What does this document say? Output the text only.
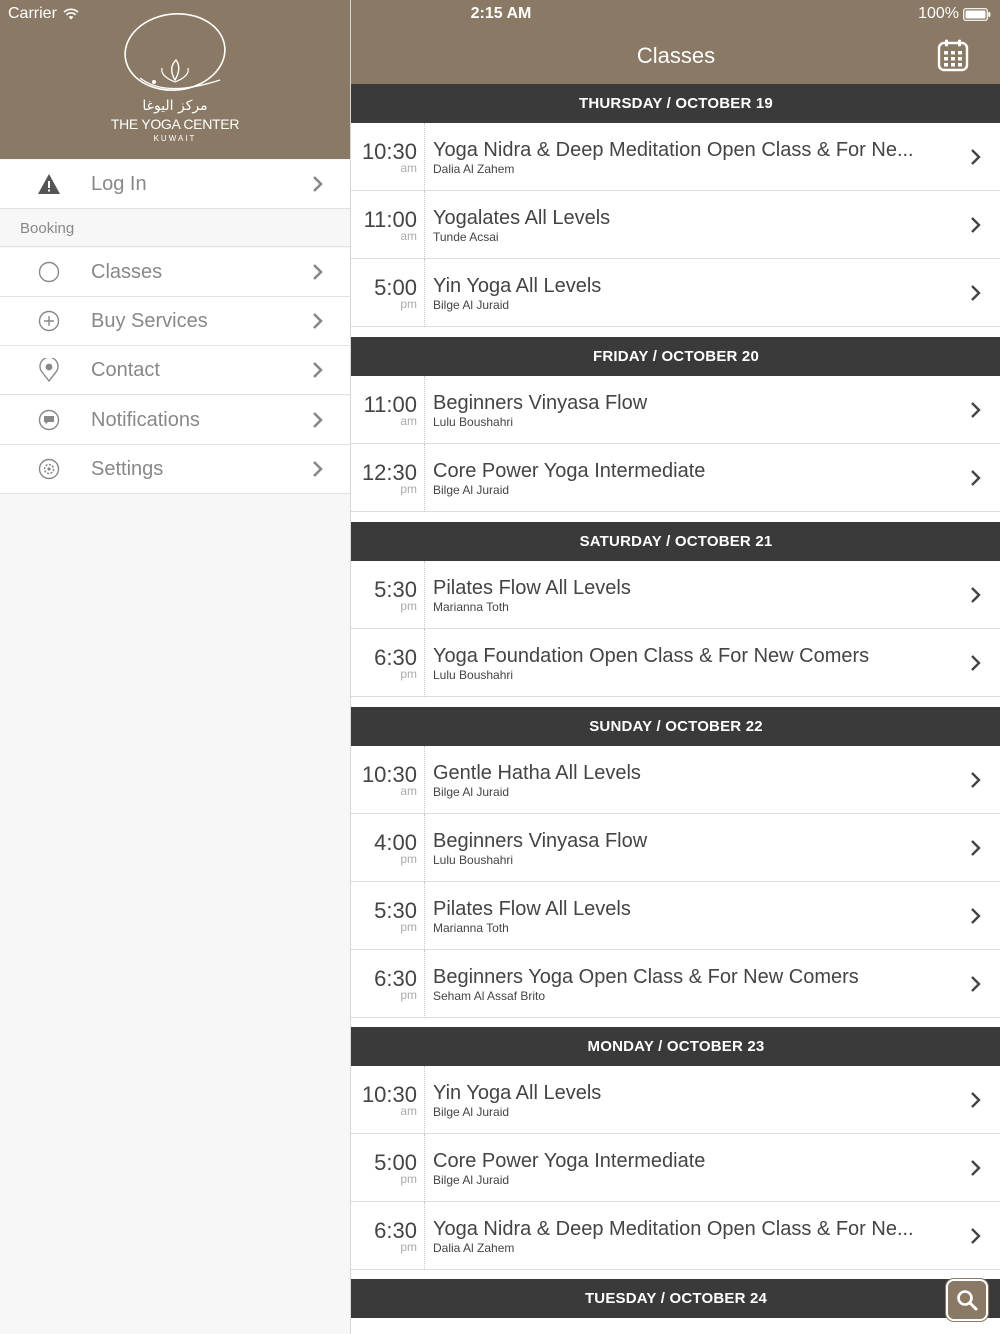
Carrier
مركز اليوغا
THE YOGA CENTER
KUWAIT
Log In
Booking
Classes
Buy Services
Contact
Notifications
Settings
2:15 AM	100%
Classes
THURSDAY / OCTOBER 19
10:30
am
Yoga Nidra & Deep Meditation Open Class & For Ne...
Dalia Al Zahem
11:00
am
Yogalates All Levels
Tunde Acsai
5:00
pm
Yin Yoga All Levels
Bilge Al Juraid
FRIDAY / OCTOBER 20
11:00
am
Beginners Vinyasa Flow
Lulu Boushahri
12:30
pm
Core Power Yoga Intermediate
Bilge Al Juraid
SATURDAY / OCTOBER 21
5:30
pm
Pilates Flow All Levels
Marianna Toth
6:30
pm
Yoga Foundation Open Class & For New Comers
Lulu Boushahri
SUNDAY / OCTOBER 22
10:30
am
Gentle Hatha All Levels
Bilge Al Juraid
4:00
pm
Beginners Vinyasa Flow
Lulu Boushahri
5:30
pm
Pilates Flow All Levels
Marianna Toth
6:30
pm
Beginners Yoga Open Class & For New Comers
Seham Al Assaf Brito
MONDAY / OCTOBER 23
10:30
am
Yin Yoga All Levels
Bilge Al Juraid
5:00
pm
Core Power Yoga Intermediate
Bilge Al Juraid
6:30
pm
Yoga Nidra & Deep Meditation Open Class & For Ne...
Dalia Al Zahem
TUESDAY / OCTOBER 24
